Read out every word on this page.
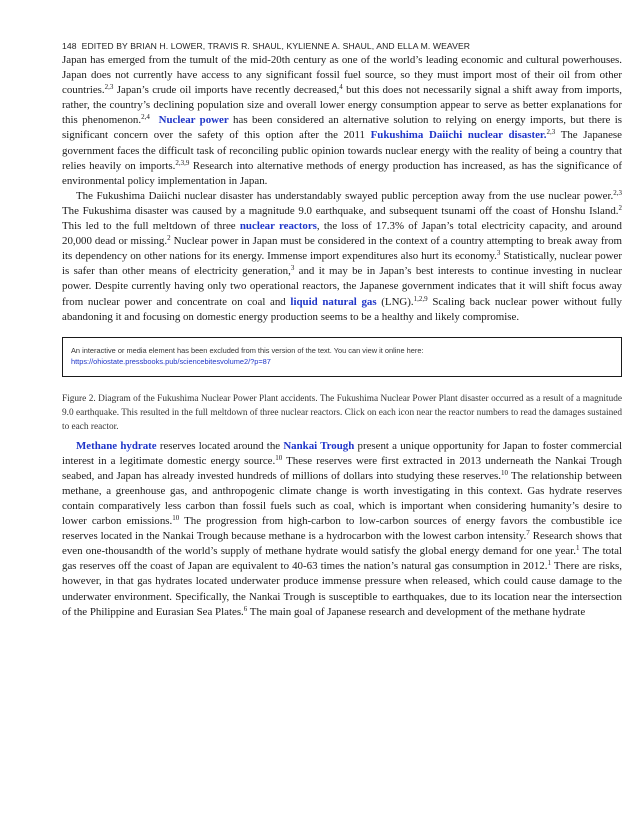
148 EDITED BY BRIAN H. LOWER, TRAVIS R. SHAUL, KYLIENNE A. SHAUL, AND ELLA M. WEAVER

Japan has emerged from the tumult of the mid-20th century as one of the world’s leading economic and cultural powerhouses. Japan does not currently have access to any significant fossil fuel source, so they must import most of their oil from other countries.$^{2,3}$ Japan’s crude oil imports have recently decreased,$^4$ but this does not necessarily signal a shift away from imports, rather, the country’s declining population size and overall lower energy consumption appear to serve as better explanations for this phenomenon.$^{2,4}$ Nuclear power has been considered an alternative solution to relying on energy imports, but there is significant concern over the safety of this option after the 2011 Fukushima Daiichi nuclear disaster.$^{2,3}$ The Japanese government faces the difficult task of reconciling public opinion towards nuclear energy with the reality of being a country that relies heavily on imports.$^{2,3,9}$ Research into alternative methods of energy production has increased, as has the significance of environmental policy implementation in Japan.

The Fukushima Daiichi nuclear disaster has understandably swayed public perception away from the use nuclear power.$^{2,3}$ The Fukushima disaster was caused by a magnitude 9.0 earthquake, and subsequent tsunami off the coast of Honshu Island.$^2$ This led to the full meltdown of three nuclear reactors, the loss of 17.3% of Japan’s total electricity capacity, and around 20,000 dead or missing.$^2$ Nuclear power in Japan must be considered in the context of a country attempting to break away from its dependency on other nations for its energy. Immense import expenditures also hurt its economy.$^3$ Statistically, nuclear power is safer than other means of electricity generation,$^3$ and it may be in Japan’s best interests to continue investing in nuclear power. Despite currently having only two operational reactors, the Japanese government indicates that it will shift focus away from nuclear power and concentrate on coal and liquid natural gas (LNG).$^{1,2,9}$ Scaling back nuclear power without fully abandoning it and focusing on domestic energy production seems to be a healthy and likely compromise.

An interactive or media element has been excluded from this version of the text. You can view it online here:
https://ohiostate.pressbooks.pub/sciencebitesvolume2/?p=87
Figure 2. Diagram of the Fukushima Nuclear Power Plant accidents. The Fukushima Nuclear Power Plant disaster occurred as a result of a magnitude 9.0 earthquake. This resulted in the full meltdown of three nuclear reactors. Click on each icon near the reactor numbers to read the damages sustained to each reactor.

Methane hydrate reserves located around the Nankai Trough present a unique opportunity for Japan to foster commercial interest in a legitimate domestic energy source.$^{10}$ These reserves were first extracted in 2013 underneath the Nankai Trough seabed, and Japan has already invested hundreds of millions of dollars into studying these reserves.$^{10}$ The relationship between methane, a greenhouse gas, and anthropogenic climate change is worth investigating in this context. Gas hydrate reserves contain comparatively less carbon than fossil fuels such as coal, which is important when considering humanity’s desire to lower carbon emissions.$^{10}$ The progression from high-carbon to low-carbon sources of energy favors the combustible ice reserves located in the Nankai Trough because methane is a hydrocarbon with the lowest carbon intensity.$^7$ Research shows that even one-thousandth of the world’s supply of methane hydrate would satisfy the global energy demand for one year.$^1$ The total gas reserves off the coast of Japan are equivalent to 40-63 times the nation’s natural gas consumption in 2012.$^1$ There are risks, however, in that gas hydrates located underwater produce immense pressure when released, which could cause damage to the underwater environment. Specifically, the Nankai Trough is susceptible to earthquakes, due to its location near the intersection of the Philippine and Eurasian Sea Plates.$^6$ The main goal of Japanese research and development of the methane hydrate
